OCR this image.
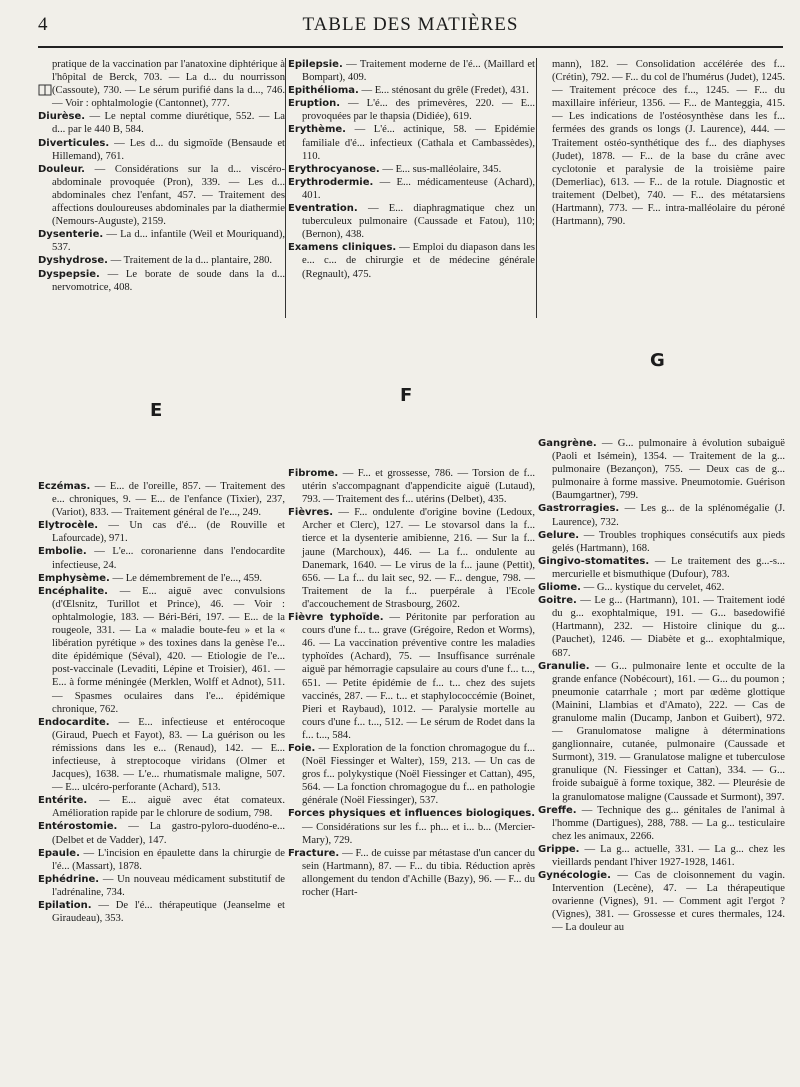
4	TABLE DES MATIÈRES

pratique de la vaccination par l'anatoxine diphtérique à l'hôpital de Berck, 703. — La d... du nourrisson (Cassoute), 730. — Le sérum purifié dans la d..., 746. — Voir : ophtalmologie (Cantonnet), 777.

Diurèse. — Le neptal comme diurétique, 552. — La d... par le 440 B, 584.

Diverticules. — Les d... du sigmoïde (Bensaude et Hillemand), 761.

Douleur. — Considérations sur la d... viscéro-abdominale provoquée (Pron), 339. — Les d... abdominales chez l'enfant, 457. — Traitement des affections douloureuses abdominales par la diathermie (Nemours-Auguste), 2159.

Dysenterie. — La d... infantile (Weil et Mouriquand), 537.

Dyshydrose. — Traitement de la d... plantaire, 280.

Dyspepsie. — Le borate de soude dans la d... nervomotrice, 408.

Epilepsie. — Traitement moderne de l'é... (Maillard et Bompart), 409.

Epithélioma. — E... sténosant du grêle (Fredet), 431.

Eruption. — L'é... des primevères, 220. — E... provoquées par le thapsia (Didiée), 619.

Erythème. — L'é... actinique, 58. — Epidémie familiale d'é... infectieux (Cathala et Cambassèdes), 110.

Erythrocyanose. — E... sus-malléolaire, 345.

Erythrodermie. — E... médicamenteuse (Achard), 401.

Eventration. — E... diaphragmatique chez un tuberculeux pulmonaire (Caussade et Fatou), 110; (Bernon), 438.

Examens cliniques. — Emploi du diapason dans les e... c... de chirurgie et de médecine générale (Regnault), 475.

mann), 182. — Consolidation accélérée des f... (Crétin), 792. — F... du col de l'humérus (Judet), 1245. — Traitement précoce des f..., 1245. — F... du maxillaire inférieur, 1356. — F... de Manteggia, 415. — Les indications de l'ostéosynthèse dans les f... fermées des grands os longs (J. Laurence), 444. — Traitement ostéo-synthétique des f... des diaphyses (Judet), 1878. — F... de la base du crâne avec cyclotonie et paralysie de la troisième paire (Demerliac), 613. — F... de la rotule. Diagnostic et traitement (Delbet), 740. — F... des métatarsiens (Hartmann), 773. — F... intra-malléolaire du péroné (Hartmann), 790.

E
F
G

Eczémas. — E... de l'oreille, 857. — Traitement des e... chroniques, 9. — E... de l'enfance (Tixier), 237, (Variot), 833. — Traitement général de l'e..., 249.

Elytrocèle. — Un cas d'é... (de Rouville et Lafourcade), 971.

Embolie. — L'e... coronarienne dans l'endocardite infectieuse, 24.

Emphysème. — Le démembrement de l'e..., 459.

Encéphalite. — E... aiguë avec convulsions (d'Œlsnitz, Turillot et Prince), 46. — Voir : ophtalmologie, 183. — Béri-Béri, 197. — E... de la rougeole, 331. — La « maladie boute-feu » et la « libération pyrétique » des toxines dans la genèse l'e... dite épidémique (Séval), 420. — Etiologie de l'e... post-vaccinale (Levaditi, Lépine et Troisier), 461. — E... à forme méningée (Merklen, Wolff et Adnot), 511. — Spasmes oculaires dans l'e... épidémique chronique, 762.

Endocardite. — E... infectieuse et entérocoque (Giraud, Puech et Fayot), 83. — La guérison ou les rémissions dans les e... (Renaud), 142. — E... infectieuse, à streptocoque viridans (Olmer et Jacques), 1638. — L'e... rhumatismale maligne, 507. — E... ulcéro-perforante (Achard), 513.

Entérite. — E... aiguë avec état comateux. Amélioration rapide par le chlorure de sodium, 798.

Entérostomie. — La gastro-pyloro-duodéno-e... (Delbet et de Vadder), 147.

Epaule. — L'incision en épaulette dans la chirurgie de l'é... (Massart), 1878.

Ephédrine. — Un nouveau médicament substitutif de l'adrénaline, 734.

Epilation. — De l'é... thérapeutique (Jeanselme et Giraudeau), 353.

Fibrome. — F... et grossesse, 786. — Torsion de f... utérin s'accompagnant d'appendicite aiguë (Lutaud), 793. — Traitement des f... utérins (Delbet), 435.

Fièvres. — F... ondulente d'origine bovine (Ledoux, Archer et Clerc), 127. — Le stovarsol dans la f... tierce et la dysenterie amibienne, 216. — Sur la f... jaune (Marchoux), 446. — La f... ondulente au Danemark, 1640. — Le virus de la f... jaune (Pettit), 656. — La f... du lait sec, 92. — F... dengue, 798. — Traitement de la f... puerpérale à l'Ecole d'accouchement de Strasbourg, 2602.

Fièvre typhoïde. — Péritonite par perforation au cours d'une f... t... grave (Grégoire, Redon et Worms), 46. — La vaccination préventive contre les maladies typhoïdes (Achard), 75. — Insuffisance surrénale aiguë par hémorragie capsulaire au cours d'une f... t..., 651. — Petite épidémie de f... t... chez des sujets vaccinés, 287. — F... t... et staphylococcémie (Boinet, Pieri et Raybaud), 1012. — Paralysie mortelle au cours d'une f... t..., 512. — Le sérum de Rodet dans la f... t..., 584.

Foie. — Exploration de la fonction chromagogue du f... (Noël Fiessinger et Walter), 159, 213. — Un cas de gros f... polykystique (Noël Fiessinger et Cattan), 495, 564. — La fonction chromagogue du f... en pathologie générale (Noël Fiessinger), 537.

Forces physiques et influences biologiques. — Considérations sur les f... ph... et i... b... (Mercier-Mary), 729.

Fracture. — F... de cuisse par métastase d'un cancer du sein (Hartmann), 87. — F... du tibia. Réduction après allongement du tendon d'Achille (Bazy), 96. — F... du rocher (Hart-

Gangrène. — G... pulmonaire à évolution subaiguë (Paoli et Isémein), 1354. — Traitement de la g... pulmonaire (Bezançon), 755. — Deux cas de g... pulmonaire à forme massive. Pneumotomie. Guérison (Baumgartner), 799.

Gastrorragies. — Les g... de la splénomégalie (J. Laurence), 732.

Gelure. — Troubles trophiques consécutifs aux pieds gelés (Hartmann), 168.

Gingivo-stomatites. — Le traitement des g...-s... mercurielle et bismuthique (Dufour), 783.

Gliome. — G... kystique du cervelet, 462.

Goitre. — Le g... (Hartmann), 101. — Traitement iodé du g... exophtalmique, 191. — G... basedowifié (Hartmann), 232. — Histoire clinique du g... (Pauchet), 1246. — Diabète et g... exophtalmique, 687.

Granulie. — G... pulmonaire lente et occulte de la grande enfance (Nobécourt), 161. — G... du poumon ; pneumonie catarrhale ; mort par œdème glottique (Mainini, Llambias et d'Amato), 222. — Cas de granulome malin (Ducamp, Janbon et Guibert), 972. — Granulomatose maligne à déterminations ganglionnaire, cutanée, pulmonaire (Caussade et Surmont), 319. — Granulatose maligne et tuberculose granulique (N. Fiessinger et Cattan), 334. — G... froide subaiguë à forme toxique, 382. — Pleurésie de la granulomatose maligne (Caussade et Surmont), 397.

Greffe. — Technique des g... génitales de l'animal à l'homme (Dartigues), 288, 788. — La g... testiculaire chez les animaux, 2266.

Grippe. — La g... actuelle, 331. — La g... chez les vieillards pendant l'hiver 1927-1928, 1461.

Gynécologie. — Cas de cloisonnement du vagin. Intervention (Lecène), 47. — La thérapeutique ovarienne (Vignes), 91. — Comment agit l'ergot ? (Vignes), 381. — Grossesse et cures thermales, 124. — La douleur au
